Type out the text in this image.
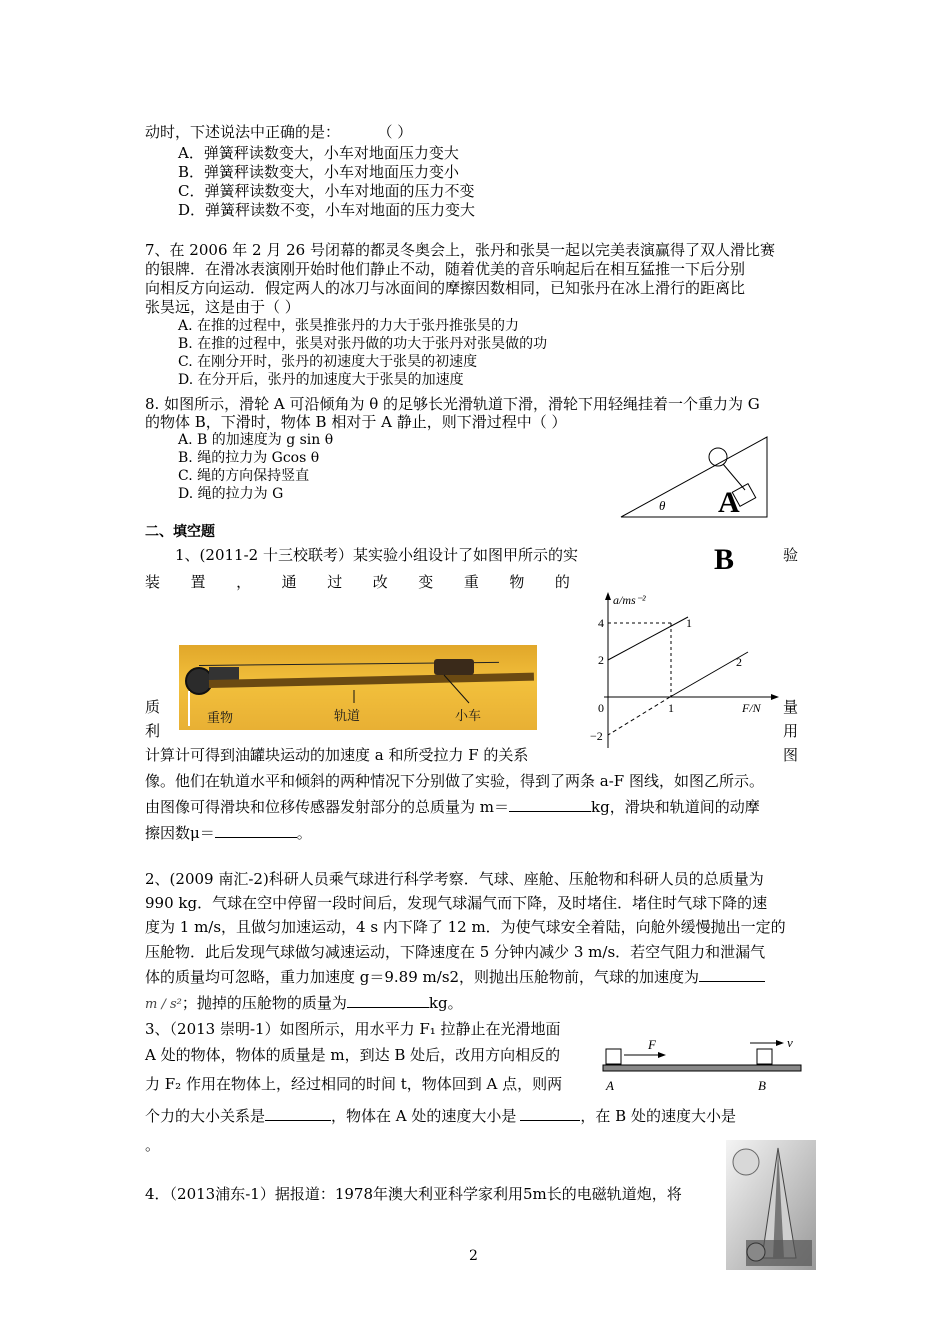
动时，下述说法中正确的是：	（ ）
A．弹簧秤读数变大，小车对地面压力变大
B．弹簧秤读数变大，小车对地面压力变小
C．弹簧秤读数变大，小车对地面的压力不变
D．弹簧秤读数不变，小车对地面的压力变大
7、在 2006 年 2 月 26 号闭幕的都灵冬奥会上，张丹和张昊一起以完美表演赢得了双人滑比赛
的银牌．在滑冰表演刚开始时他们静止不动，随着优美的音乐响起后在相互猛推一下后分别
向相反方向运动．假定两人的冰刀与冰面间的摩擦因数相同，已知张丹在冰上滑行的距离比
张昊远，这是由于（ ）
A. 在推的过程中，张昊推张丹的力大于张丹推张昊的力
B. 在推的过程中，张昊对张丹做的功大于张丹对张昊做的功
C. 在刚分开时，张丹的初速度大于张昊的初速度
D. 在分开后，张丹的加速度大于张昊的加速度
8. 如图所示，滑轮 A 可沿倾角为 θ 的足够长光滑轨道下滑，滑轮下用轻绳挂着一个重力为 G
的物体 B，下滑时，物体 B 相对于 A 静止，则下滑过程中（ ）
A. B 的加速度为 g sin θ
B. 绳的拉力为 Gcos θ
C. 绳的方向保持竖直
D. 绳的拉力为 G
θ A
B
二、填空题
1、(2011-2 十三校联考）某实验小组设计了如图甲所示的实	验
装 置 ， 通 过 改 变 重 物 的
重物	轨道	小车
a/ms⁻²
F/N
4
2
0
−2
1
1
2
质	量
利	用
计算计可得到油罐块运动的加速度 a 和所受拉力 F 的关系	图
像。他们在轨道水平和倾斜的两种情况下分别做了实验，得到了两条 a-F 图线，如图乙所示。
由图像可得滑块和位移传感器发射部分的总质量为 m＝	kg，滑块和轨道间的动摩
擦因数μ＝	。
2、(2009 南汇-2)科研人员乘气球进行科学考察．气球、座舱、压舱物和科研人员的总质量为
990 kg．气球在空中停留一段时间后，发现气球漏气而下降，及时堵住．堵住时气球下降的速
度为 1 m/s，且做匀加速运动，4 s 内下降了 12 m．为使气球安全着陆，向舱外缓慢抛出一定的
压舱物．此后发现气球做匀减速运动，下降速度在 5 分钟内减少 3 m/s．若空气阻力和泄漏气
体的质量均可忽略，重力加速度 g＝9.89 m/s2，则抛出压舱物前，气球的加速度为
m / s²；抛掉的压舱物的质量为	kg。
3、（2013 崇明-1）如图所示，用水平力 F₁ 拉静止在光滑地面
A 处的物体，物体的质量是 m，到达 B 处后，改用方向相反的
力 F₂ 作用在物体上，经过相同的时间 t，物体回到 A 点，则两
个力的大小关系是	，物体在 A 处的速度大小是	，在 B 处的速度大小是
。
F	v
A	B
4．（2013浦东-1）据报道：1978年澳大利亚科学家利用5m长的电磁轨道炮，将
2
